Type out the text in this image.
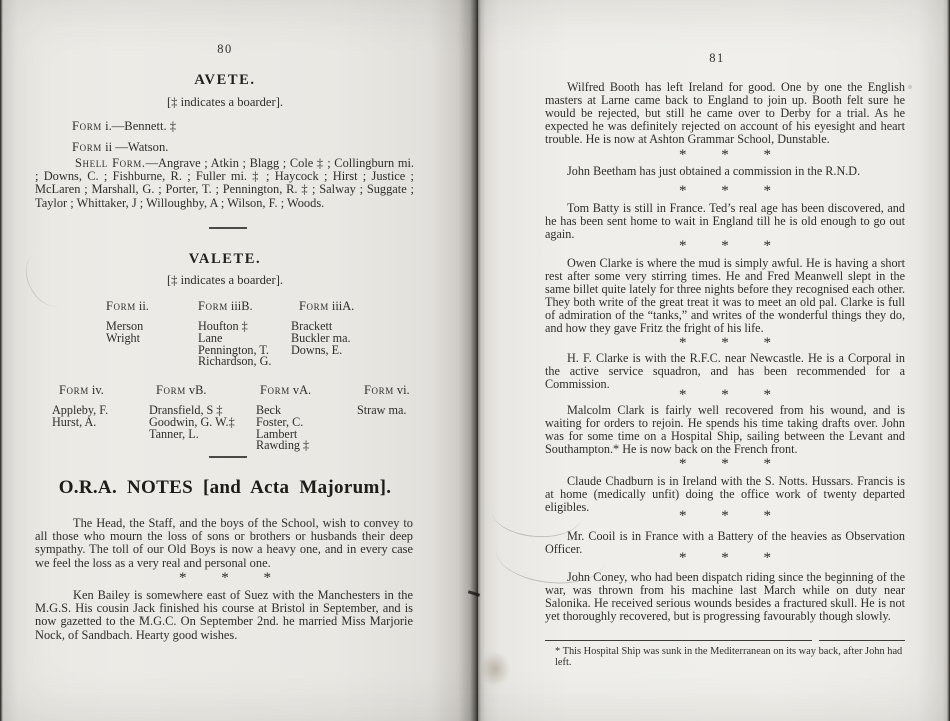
80
AVETE.
[‡ indicates a boarder].
Form i.—Bennett. ‡
Form ii —Watson.

Shell Form.—Angrave ; Atkin ; Blagg ; Cole ‡ ; Collingburn mi. ; Downs, C. ; Fishburne, R. ; Fuller mi. ‡ ; Haycock ; Hirst ; Justice ; McLaren ; Marshall, G. ; Porter, T. ; Pennington, R. ‡ ; Salway ; Suggate ; Taylor ; Whittaker, J ; Willoughby, A ; Wilson, F. ; Woods.

VALETE.
[‡ indicates a boarder].
Form ii.
Merson
Wright
Form iiiB.
Houfton ‡
Lane
Pennington, T.
Richardson, G.
Form iiiA.
Brackett
Buckler ma.
Downs, E.
Form iv.
Appleby, F.
Hurst, A.
Form vB.
Dransfield, S ‡
Goodwin, G. W.‡
Tanner, L.
Form vA.
Beck
Foster, C.
Lambert
Rawding ‡
Form vi.
Straw ma.
O.R.A. NOTES [and Acta Majorum].

The Head, the Staff, and the boys of the School, wish to convey to all those who mourn the loss of sons or brothers or husbands their deep sympathy. The toll of our Old Boys is now a heavy one, and in every case we feel the loss as a very real and personal one.

* * *

Ken Bailey is somewhere east of Suez with the Manchesters in the M.G.S. His cousin Jack finished his course at Bristol in September, and is now gazetted to the M.G.C. On September 2nd. he married Miss Marjorie Nock, of Sandbach. Hearty good wishes.

81

Wilfred Booth has left Ireland for good. One by one the English masters at Larne came back to England to join up. Booth felt sure he would be rejected, but still he came over to Derby for a trial. As he expected he was definitely rejected on account of his eyesight and heart trouble. He is now at Ashton Grammar School, Dunstable.

* * *

John Beetham has just obtained a commission in the R.N.D.

* * *

Tom Batty is still in France. Ted’s real age has been discovered, and he has been sent home to wait in England till he is old enough to go out again.

* * *

Owen Clarke is where the mud is simply awful. He is having a short rest after some very stirring times. He and Fred Meanwell slept in the same billet quite lately for three nights before they recognised each other. They both write of the great treat it was to meet an old pal. Clarke is full of admiration of the “tanks,” and writes of the wonderful things they do, and how they gave Fritz the fright of his life.

* * *

H. F. Clarke is with the R.F.C. near Newcastle. He is a Corporal in the active service squadron, and has been recommended for a Commission.

* * *

Malcolm Clark is fairly well recovered from his wound, and is waiting for orders to rejoin. He spends his time taking drafts over. John was for some time on a Hospital Ship, sailing between the Levant and Southampton.* He is now back on the French front.

* * *

Claude Chadburn is in Ireland with the S. Notts. Hussars. Francis is at home (medically unfit) doing the office work of twenty departed eligibles.

* * *

Mr. Cooil is in France with a Battery of the heavies as Observation Officer.

* * *

John Coney, who had been dispatch riding since the beginning of the war, was thrown from his machine last March while on duty near Salonika. He received serious wounds besides a fractured skull. He is not yet thoroughly recovered, but is progressing favourably though slowly.

* This Hospital Ship was sunk in the Mediterranean on its way back, after John had left.
